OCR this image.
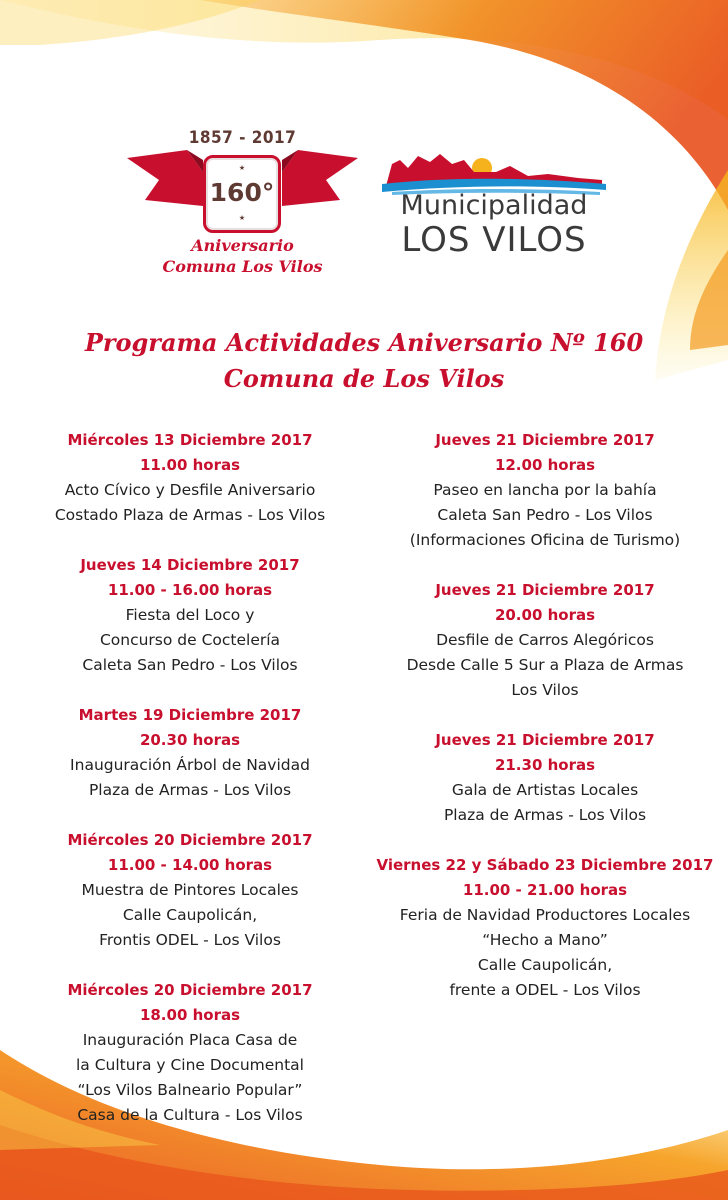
1857 - 2017
★
160°
★
Aniversario
Comuna Los Vilos
Municipalidad
LOS VILOS
Programa Actividades Aniversario Nº 160
Comuna de Los Vilos
Miércoles 13 Diciembre 2017
11.00 horas
Acto Cívico y Desfile Aniversario
Costado Plaza de Armas - Los Vilos
Jueves 14 Diciembre 2017
11.00 - 16.00 horas
Fiesta del Loco y
Concurso de Coctelería
Caleta San Pedro - Los Vilos
Martes 19 Diciembre 2017
20.30 horas
Inauguración Árbol de Navidad
Plaza de Armas - Los Vilos
Miércoles 20 Diciembre 2017
11.00 - 14.00 horas
Muestra de Pintores Locales
Calle Caupolicán,
Frontis ODEL - Los Vilos
Miércoles 20 Diciembre 2017
18.00 horas
Inauguración Placa Casa de
la Cultura y Cine Documental
“Los Vilos Balneario Popular”
Casa de la Cultura - Los Vilos
Jueves 21 Diciembre 2017
12.00 horas
Paseo en lancha por la bahía
Caleta San Pedro - Los Vilos
(Informaciones Oficina de Turismo)
Jueves 21 Diciembre 2017
20.00 horas
Desfile de Carros Alegóricos
Desde Calle 5 Sur a Plaza de Armas
Los Vilos
Jueves 21 Diciembre 2017
21.30 horas
Gala de Artistas Locales
Plaza de Armas - Los Vilos
Viernes 22 y Sábado 23 Diciembre 2017
11.00 - 21.00 horas
Feria de Navidad Productores Locales
“Hecho a Mano”
Calle Caupolicán,
frente a ODEL - Los Vilos
